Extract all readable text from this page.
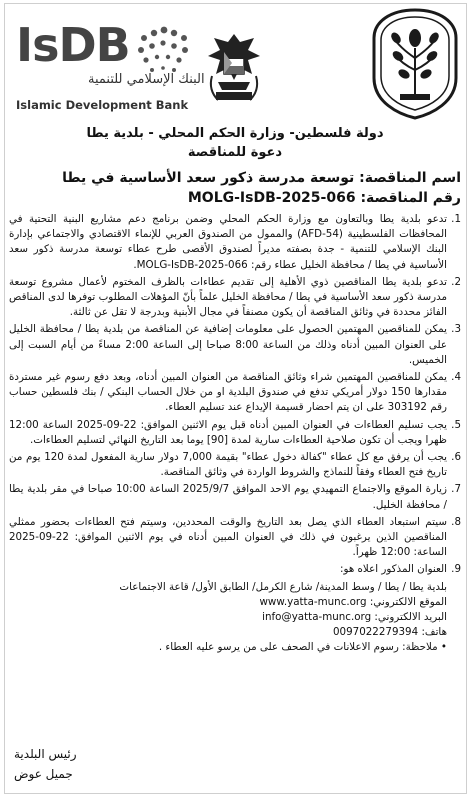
IsDB
البنك الإسلامي للتنمية
Islamic Development Bank

دولة فلسطين- وزارة الحكم المحلي - بلدية يطا

دعوة للمناقصة

اسم المناقصة: توسعة مدرسة ذكور سعد الأساسية في يطا

رقم المناقصة: MOLG-IsDB-2025-066

1.
تدعو بلدية يطا وبالتعاون مع وزارة الحكم المحلي وضمن برنامج دعم مشاريع البنية التحتية في المحافظات الفلسطينية (AFD-54) والممول من الصندوق العربي للإنماء الاقتصادي والاجتماعي بإدارة البنك الإسلامي للتنمية - جدة بصفته مديراً لصندوق الأقصى طرح عطاء توسعة مدرسة ذكور سعد الأساسية في يطا / محافظة الخليل عطاء رقم: MOLG-IsDB-2025-066.

2.
تدعو بلدية يطا المناقصين ذوي الأهلية إلى تقديم عطاءات بالظرف المختوم لأعمال مشروع توسعة مدرسة ذكور سعد الأساسية في يطا / محافظة الخليل علماً بأنّ المؤهلات المطلوب توفرها لدى المناقص الفائز محددة في وثائق المناقصة أن يكون مصنفاً في مجال الأبنية وبدرجة لا تقل عن ثالثة.

3.
يمكن للمناقصين المهتمين الحصول على معلومات إضافية عن المناقصة من بلدية يطا / محافظة الخليل على العنوان المبين أدناه وذلك من الساعة 8:00 صباحا إلى الساعة 2:00 مساءً من أيام السبت إلى الخميس.

4.
يمكن للمناقصين المهتمين شراء وثائق المناقصة من العنوان المبين أدناه، وبعد دفع رسوم غير مستردة مقدارها 150 دولار أمريكي تدفع في صندوق البلدية او من خلال الحساب البنكي / بنك فلسطين حساب رقم 303192 على ان يتم احضار قسيمة الإيداع عند تسليم العطاء.

5.
يجب تسليم العطاءات في العنوان المبين أدناه قبل يوم الاثنين الموافق: 22-09-2025 الساعة 12:00 ظهرا ويجب أن تكون صلاحية العطاءات سارية لمدة [90] يوما بعد التاريخ النهائي لتسليم العطاءات.

6.
يجب أن يرفق مع كل عطاء "كفالة دخول عطاء" بقيمة 7,000 دولار سارية المفعول لمدة 120 يوم من تاريخ فتح العطاء وفقاً للنماذج والشروط الواردة في وثائق المناقصة.

7.
زيارة الموقع والاجتماع التمهيدي يوم الاحد الموافق 2025/9/7 الساعة 10:00 صباحا في مقر بلدية يطا / محافظة الخليل.

8.
سيتم استبعاد العطاء الذي يصل بعد التاريخ والوقت المحددين، وسيتم فتح العطاءات بحضور ممثلي المناقصين الذين يرغبون في ذلك في العنوان المبين أدناه في يوم الاثنين الموافق: 22-09-2025 الساعة: 12:00 ظهراً.

9.
العنوان المذكور اعلاه هو:

بلدية يطا / يطا / وسط المدينة/ شارع الكرمل/ الطابق الأول/ قاعة الاجتماعات

الموقع الالكتروني: www.yatta-munc.org

البريد الالكتروني: info@yatta-munc.org

هاتف: 0097022279394

• ملاحظة: رسوم الاعلانات في الصحف على من يرسو عليه العطاء .

رئيس البلدية
جميل عوض
